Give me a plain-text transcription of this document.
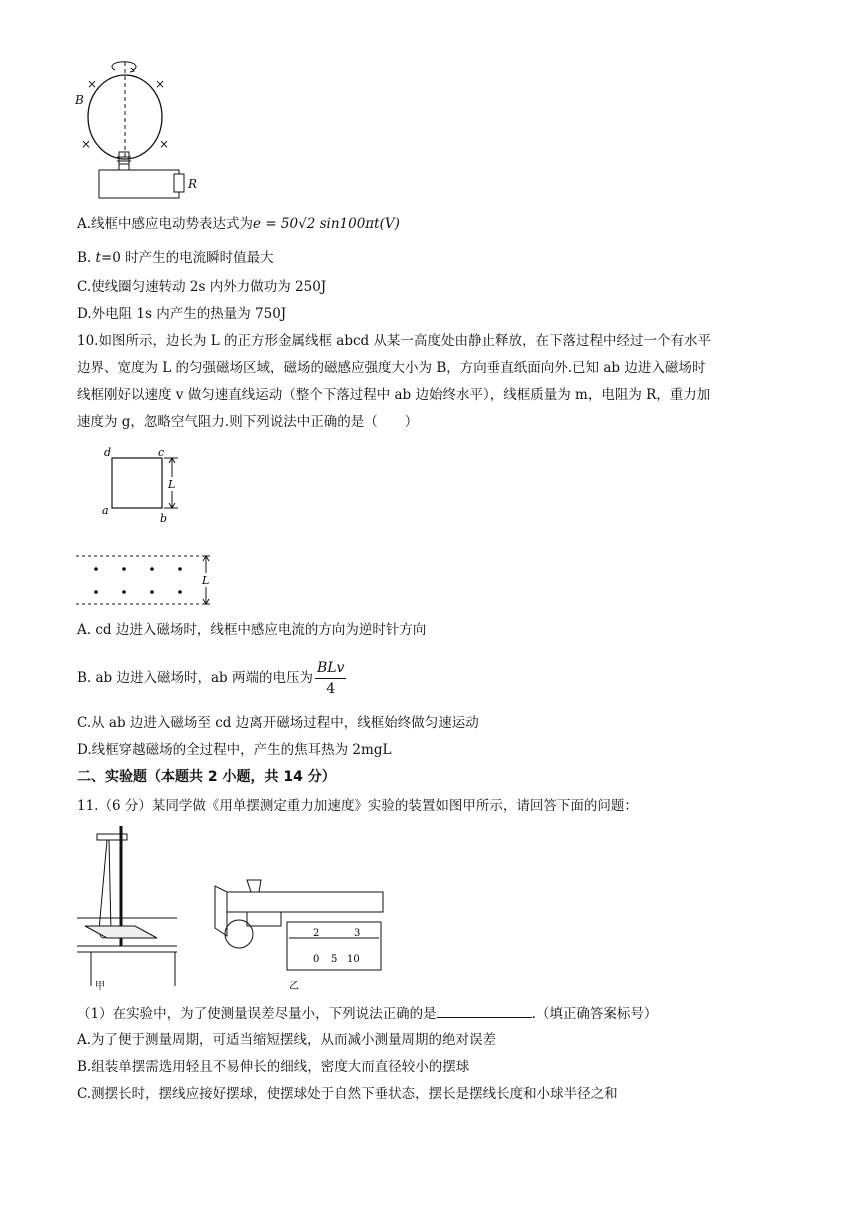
×	×
×	×
B
R
A.线框中感应电动势表达式为e = 50√2 sin100πt(V)
B. t=0 时产生的电流瞬时值最大
C.使线圈匀速转动 2s 内外力做功为 250J
D.外电阻 1s 内产生的热量为 750J
10.如图所示，边长为 L 的正方形金属线框 abcd 从某一高度处由静止释放，在下落过程中经过一个有水平
边界、宽度为 L 的匀强磁场区域，磁场的磁感应强度大小为 B，方向垂直纸面向外.已知 ab 边进入磁场时
线框刚好以速度 v 做匀速直线运动（整个下落过程中 ab 边始终水平），线框质量为 m，电阻为 R，重力加
速度为 g，忽略空气阻力.则下列说法中正确的是（　　）
d	c
a
b
L
L
A. cd 边进入磁场时，线框中感应电流的方向为逆时针方向
B. ab 边进入磁场时，ab 两端的电压为 $\frac{\text{BLv}}{4}$
C.从 ab 边进入磁场至 cd 边离开磁场过程中，线框始终做匀速运动
D.线框穿越磁场的全过程中，产生的焦耳热为 2mgL
二、实验题（本题共 2 小题，共 14 分）
11.（6 分）某同学做《用单摆测定重力加速度》实验的装置如图甲所示，请回答下面的问题：
甲
2	3
0 5 10
乙
（1）在实验中，为了使测量误差尽量小，下列说法正确的是	.（填正确答案标号）
A.为了便于测量周期，可适当缩短摆线，从而减小测量周期的绝对误差
B.组装单摆需选用轻且不易伸长的细线，密度大而直径较小的摆球
C.测摆长时，摆线应接好摆球，使摆球处于自然下垂状态，摆长是摆线长度和小球半径之和
